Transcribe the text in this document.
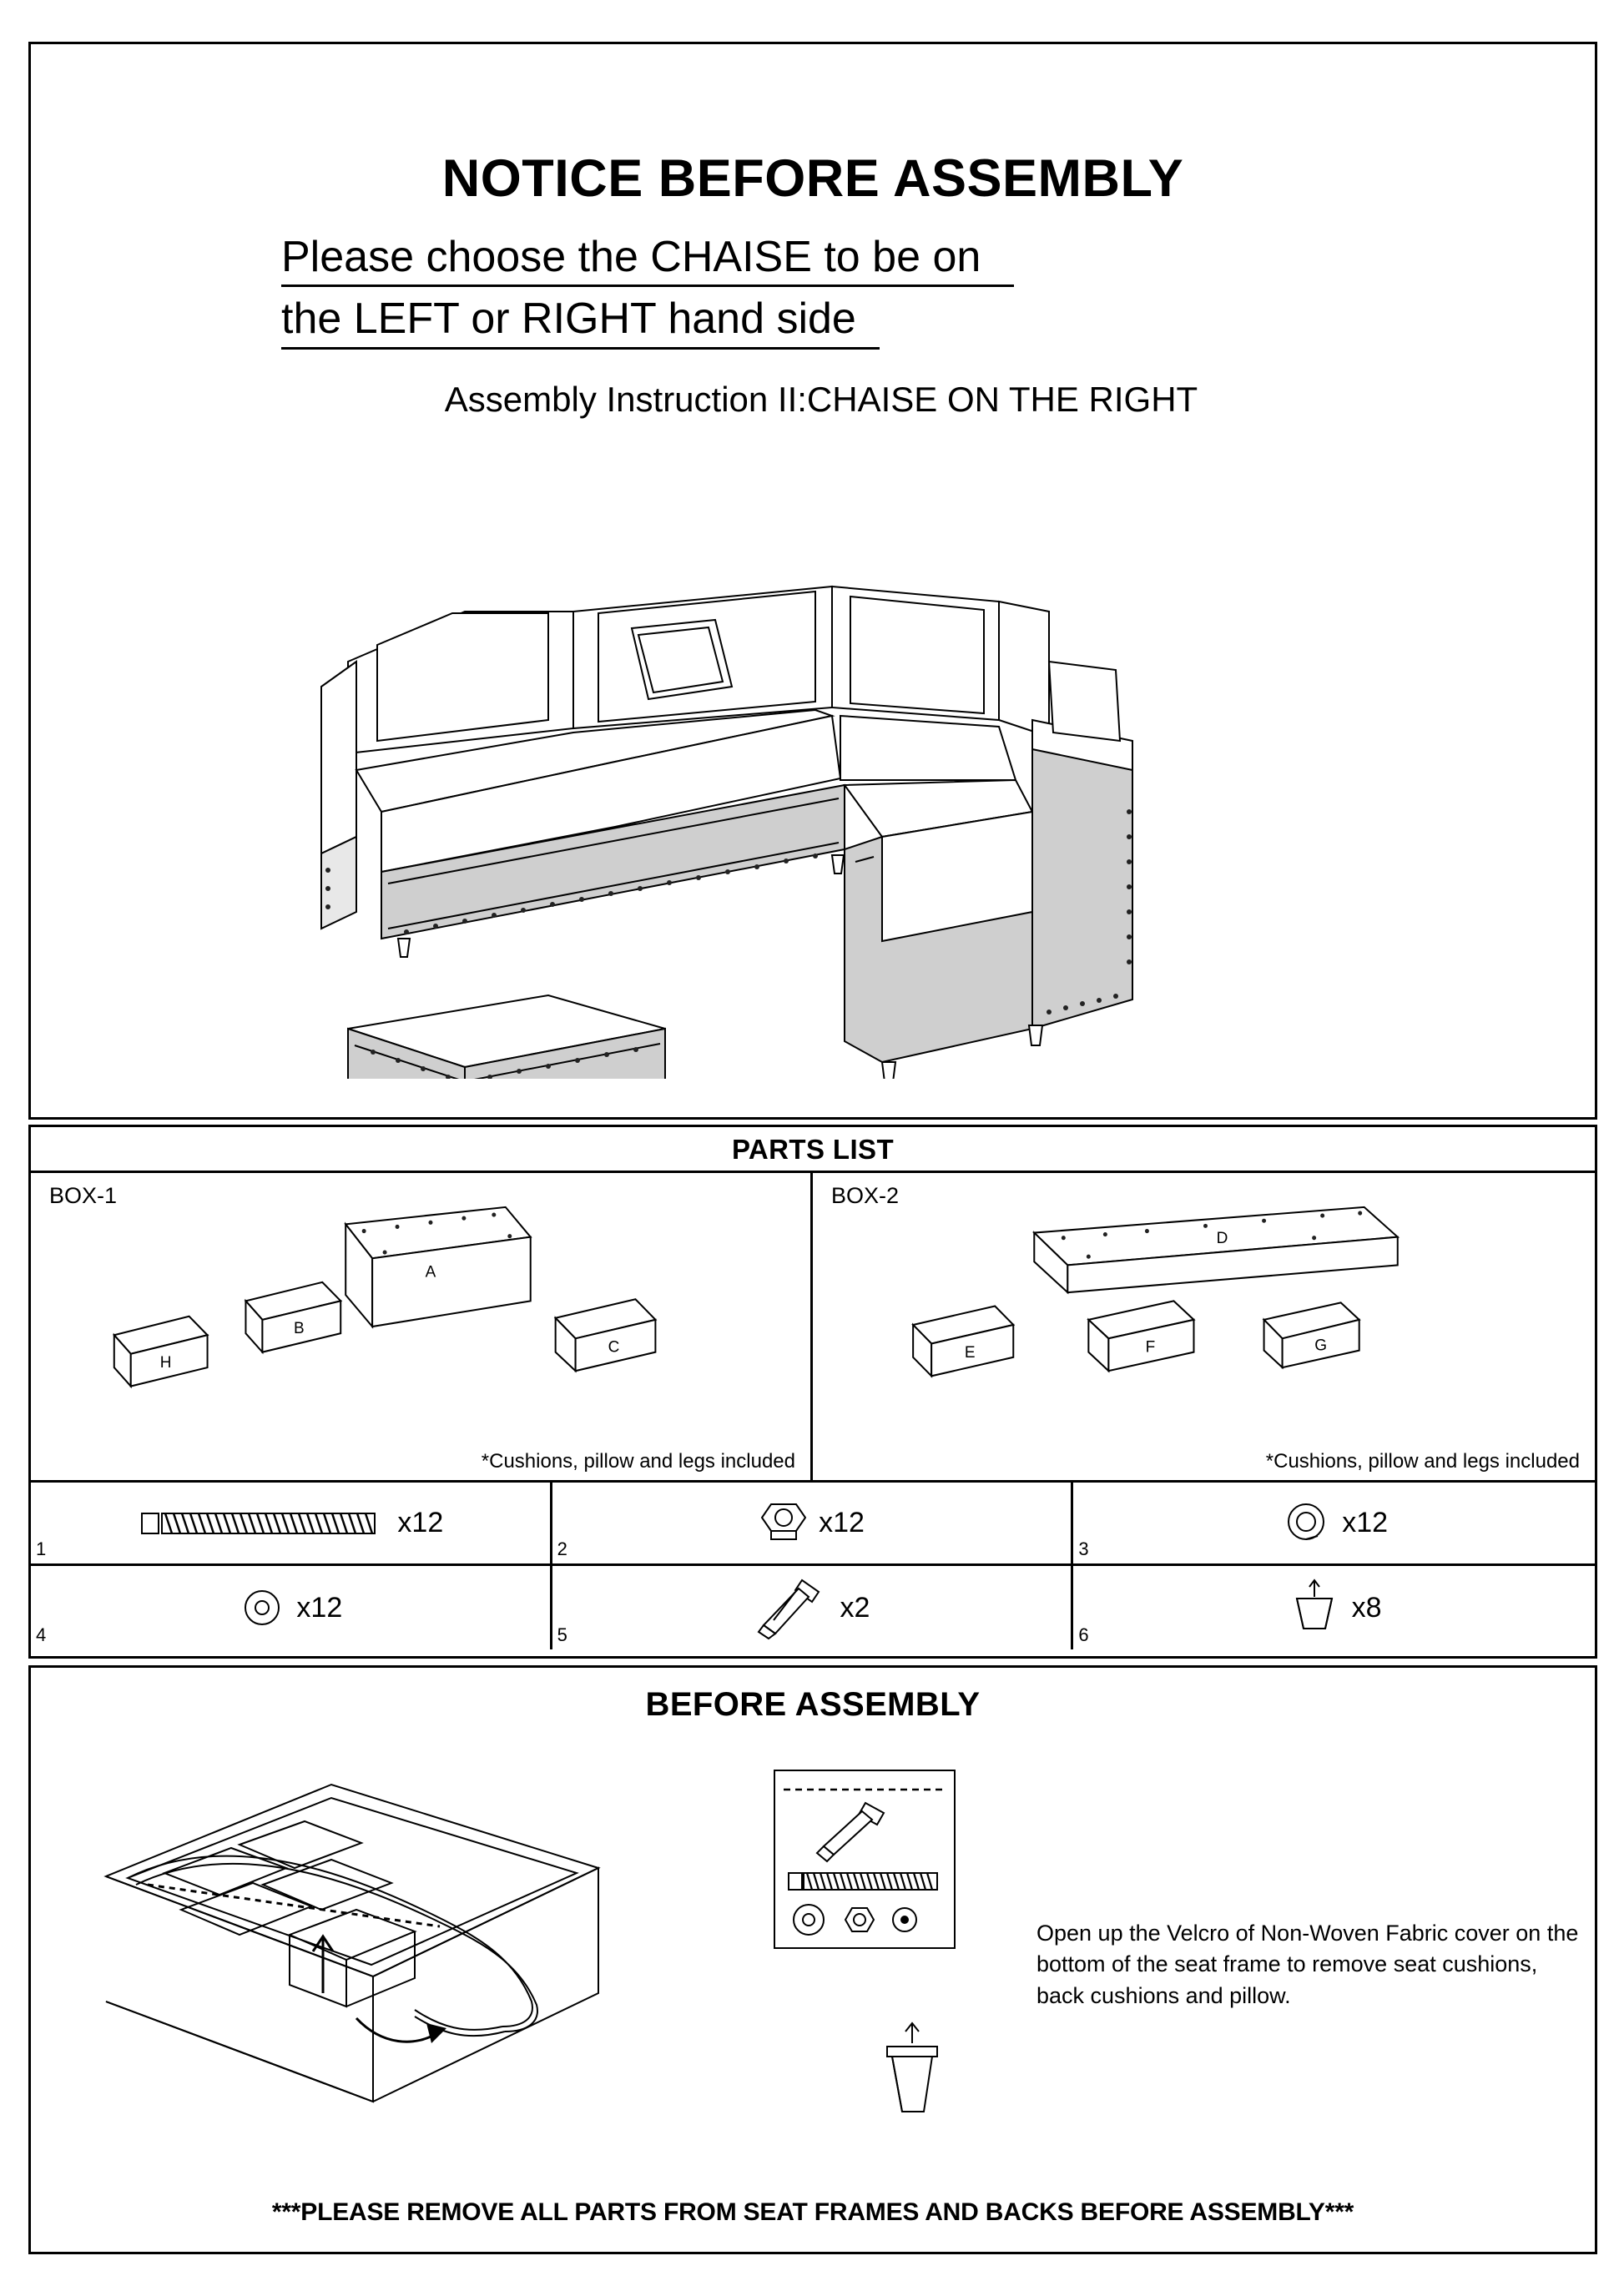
NOTICE BEFORE ASSEMBLY
Please choose the CHAISE to be on the LEFT or RIGHT hand side
Assembly Instruction II:CHAISE ON THE RIGHT
PARTS LIST
BOX-1
A
B
C
H
*Cushions, pillow and legs included
BOX-2
D
E	F	G
*Cushions, pillow and legs included
1
x12
2
x12
3
x12
4
x12
5
x2
6
x8
BEFORE ASSEMBLY
Open up the Velcro of Non-Woven Fabric cover on the bottom of the seat frame to remove seat cushions, back cushions and pillow.
***PLEASE REMOVE ALL PARTS FROM SEAT FRAMES AND BACKS BEFORE ASSEMBLY***
